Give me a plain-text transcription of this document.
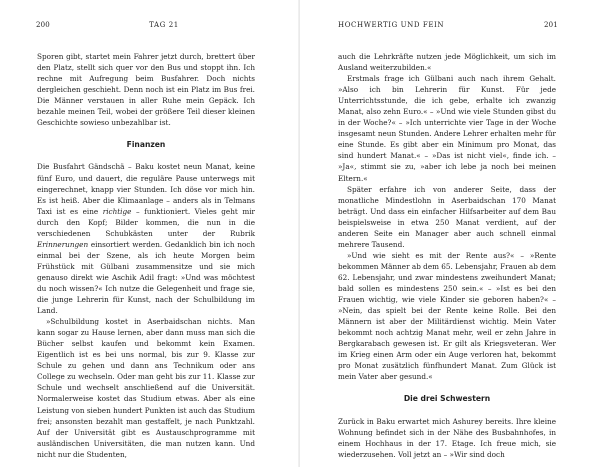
200	TAG 21

Sporen gibt, startet mein Fahrer jetzt durch, brettert über den Platz, stellt sich quer vor den Bus und stoppt ihn. Ich rechne mit Aufregung beim Busfahrer. Doch nichts dergleichen geschieht. Denn noch ist ein Platz im Bus frei. Die Männer verstauen in aller Ruhe mein Gepäck. Ich bezahle meinen Teil, wobei der größere Teil dieser kleinen Geschichte sowieso unbezahlbar ist.

Finanzen

Die Busfahrt Gändschä – Baku kostet neun Manat, keine fünf Euro, und dauert, die reguläre Pause unterwegs mit eingerechnet, knapp vier Stunden. Ich döse vor mich hin. Es ist heiß. Aber die Klimaanlage – anders als in Telmans Taxi ist es eine richtige – funktioniert. Vieles geht mir durch den Kopf; Bilder kommen, die nun in die verschiedenen Schubkästen unter der Rubrik Erinnerungen einsortiert werden. Gedanklich bin ich noch einmal bei der Szene, als ich heute Morgen beim Frühstück mit Gülbani zusammensitze und sie mich genauso direkt wie Aschik Adil fragt: »Und was möchtest du noch wissen?« Ich nutze die Gelegenheit und frage sie, die junge Lehrerin für Kunst, nach der Schulbildung im Land.

»Schulbildung kostet in Aserbaidschan nichts. Man kann sogar zu Hause lernen, aber dann muss man sich die Bücher selbst kaufen und bekommt kein Examen. Eigentlich ist es bei uns normal, bis zur 9. Klasse zur Schule zu gehen und dann ans Technikum oder ans College zu wechseln. Oder man geht bis zur 11. Klasse zur Schule und wechselt anschließend auf die Universität. Normalerweise kostet das Studium etwas. Aber als eine Leistung von sieben hundert Punkten ist auch das Studium frei; ansonsten bezahlt man gestaffelt, je nach Punktzahl. Auf der Universität gibt es Austauschprogramme mit ausländischen Universitäten, die man nutzen kann. Und nicht nur die Studenten,

HOCHWERTIG UND FEIN	201

auch die Lehrkräfte nutzen jede Möglichkeit, um sich im Ausland weiterzubilden.«

Erstmals frage ich Gülbani auch nach ihrem Gehalt. »Also ich bin Lehrerin für Kunst. Für jede Unterrichtsstunde, die ich gebe, erhalte ich zwanzig Manat, also zehn Euro.« – »Und wie viele Stunden gibst du in der Woche?« – »Ich unterrichte vier Tage in der Woche insgesamt neun Stunden. Andere Lehrer erhalten mehr für eine Stunde. Es gibt aber ein Minimum pro Monat, das sind hundert Manat.« – »Das ist nicht viel«, finde ich. – »Ja«, stimmt sie zu, »aber ich lebe ja noch bei meinen Eltern.«

Später erfahre ich von anderer Seite, dass der monatliche Mindestlohn in Aserbaidschan 170 Manat beträgt. Und dass ein einfacher Hilfsarbeiter auf dem Bau beispielsweise in etwa 250 Manat verdient, auf der anderen Seite ein Manager aber auch schnell einmal mehrere Tausend.

»Und wie sieht es mit der Rente aus?« – »Rente bekommen Männer ab dem 65. Lebensjahr, Frauen ab dem 62. Lebensjahr, und zwar mindestens zweihundert Manat; bald sollen es mindestens 250 sein.« – »Ist es bei den Frauen wichtig, wie viele Kinder sie geboren haben?« – »Nein, das spielt bei der Rente keine Rolle. Bei den Männern ist aber der Militärdienst wichtig. Mein Vater bekommt noch achtzig Manat mehr, weil er zehn Jahre in Bergkarabach gewesen ist. Er gilt als Kriegsveteran. Wer im Krieg einen Arm oder ein Auge verloren hat, bekommt pro Monat zusätzlich fünfhundert Manat. Zum Glück ist mein Vater aber gesund.«

Die drei Schwestern

Zurück in Baku erwartet mich Ashurey bereits. Ihre kleine Wohnung befindet sich in der Nähe des Busbahnhofes, in einem Hochhaus in der 17. Etage. Ich freue mich, sie wiederzusehen. Voll jetzt an – »Wir sind doch
